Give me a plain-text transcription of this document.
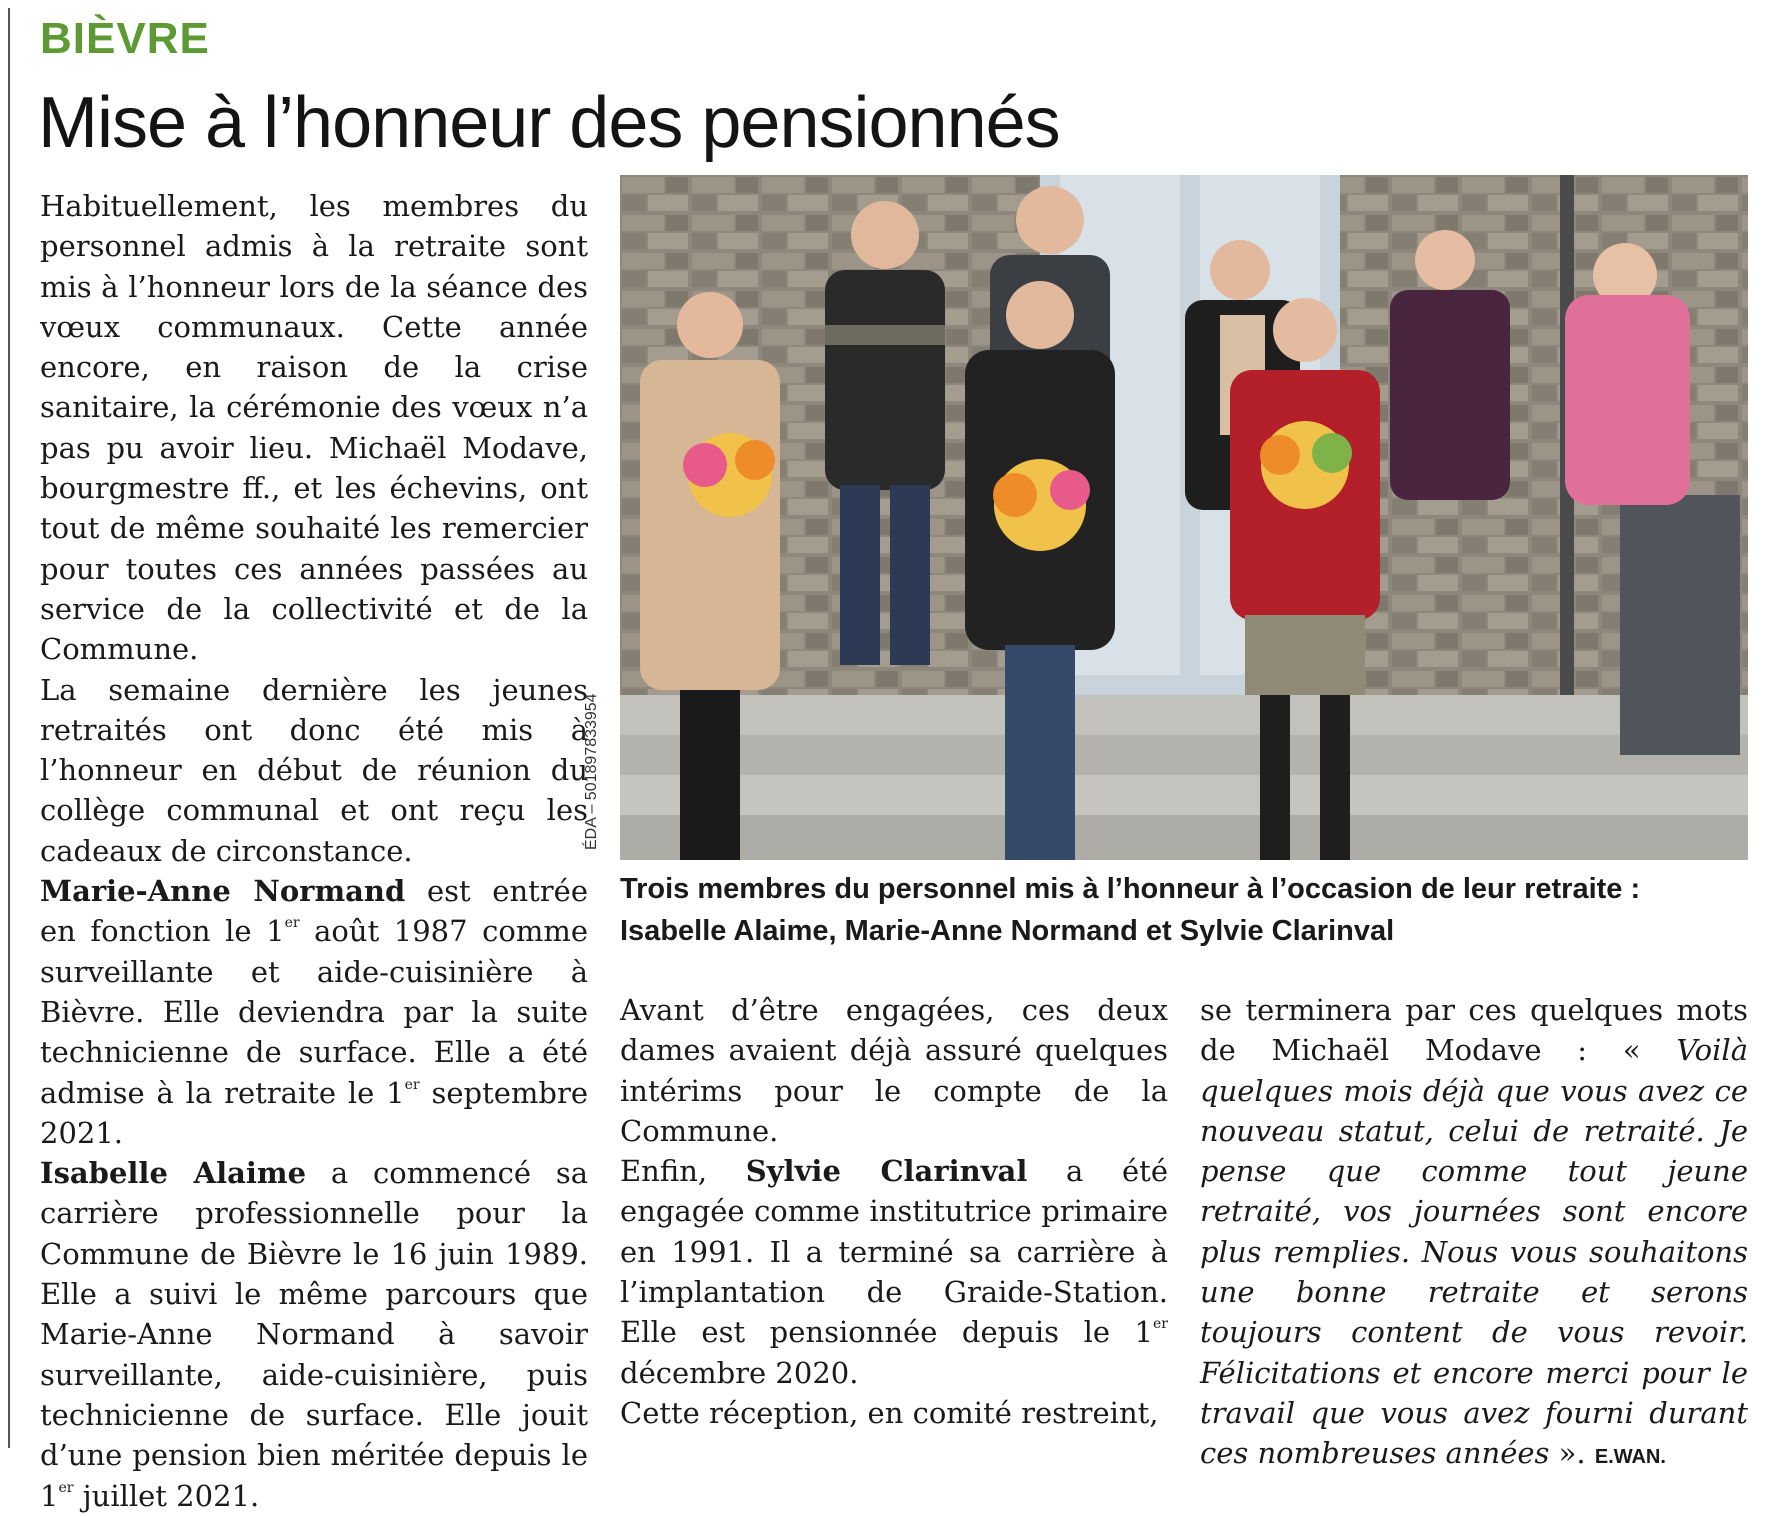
BIÈVRE
Mise à l’honneur des pensionnés

Habituellement, les membres du personnel admis à la retraite sont mis à l’honneur lors de la séance des vœux communaux. Cette année encore, en raison de la crise sanitaire, la cérémonie des vœux n’a pas pu avoir lieu. Michaël Modave, bourgmestre ff., et les échevins, ont tout de même souhaité les remercier pour toutes ces années passées au service de la collectivité et de la Commune.

La semaine dernière les jeunes retraités ont donc été mis à l’honneur en début de réunion du collège communal et ont reçu les cadeaux de circonstance.

Marie-Anne Normand est entrée en fonction le 1er août 1987 comme surveillante et aide-cuisinière à Bièvre. Elle deviendra par la suite technicienne de surface. Elle a été admise à la retraite le 1er septembre 2021.

Isabelle Alaime a commencé sa carrière professionnelle pour la Commune de Bièvre le 16 juin 1989. Elle a suivi le même parcours que Marie-Anne Normand à savoir surveillante, aide-cuisinière, puis technicienne de surface. Elle jouit d’une pension bien méritée depuis le 1er juillet 2021.

ÉDA – 501897833954
Trois membres du personnel mis à l’honneur à l’occasion de leur retraite : Isabelle Alaime, Marie-Anne Normand et Sylvie Clarinval

Avant d’être engagées, ces deux dames avaient déjà assuré quelques intérims pour le compte de la Commune.

Enfin, Sylvie Clarinval a été engagée comme institutrice primaire en 1991. Il a terminé sa carrière à l’implantation de Graide-Station. Elle est pensionnée depuis le 1er décembre 2020.

Cette réception, en comité restreint,

se terminera par ces quelques mots de Michaël Modave : « Voilà quelques mois déjà que vous avez ce nouveau statut, celui de retraité. Je pense que comme tout jeune retraité, vos journées sont encore plus remplies. Nous vous souhaitons une bonne retraite et serons toujours content de vous revoir. Félicitations et encore merci pour le travail que vous avez fourni durant ces nombreuses années ». E.WAN.
